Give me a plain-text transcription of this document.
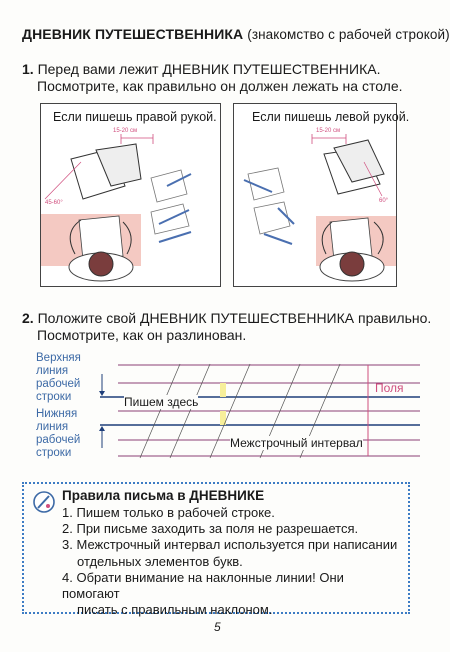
ДНЕВНИК ПУТЕШЕСТВЕННИКА (знакомство с рабочей строкой)
1. Перед вами лежит ДНЕВНИК ПУТЕШЕСТВЕННИКА.
Посмотрите, как правильно он должен лежать на столе.
Если пишешь правой рукой.
15-20 см
45-60°
Если пишешь левой рукой.
15-20 см
60°
2. Положите свой ДНЕВНИК ПУТЕШЕСТВЕННИКА правильно.
Посмотрите, как он разлинован.
Верхняя
линия
рабочей
строки
Нижняя
линия
рабочей
строки
Пишем здесь
Межстрочный интервал
Поля
Правила письма в ДНЕВНИКЕ
1. Пишем только в рабочей строке.
2. При письме заходить за поля не разрешается.
3. Межстрочный интервал используется при написании
отдельных элементов букв.
4. Обрати внимание на наклонные линии! Они помогают
писать с правильным наклоном.
5
